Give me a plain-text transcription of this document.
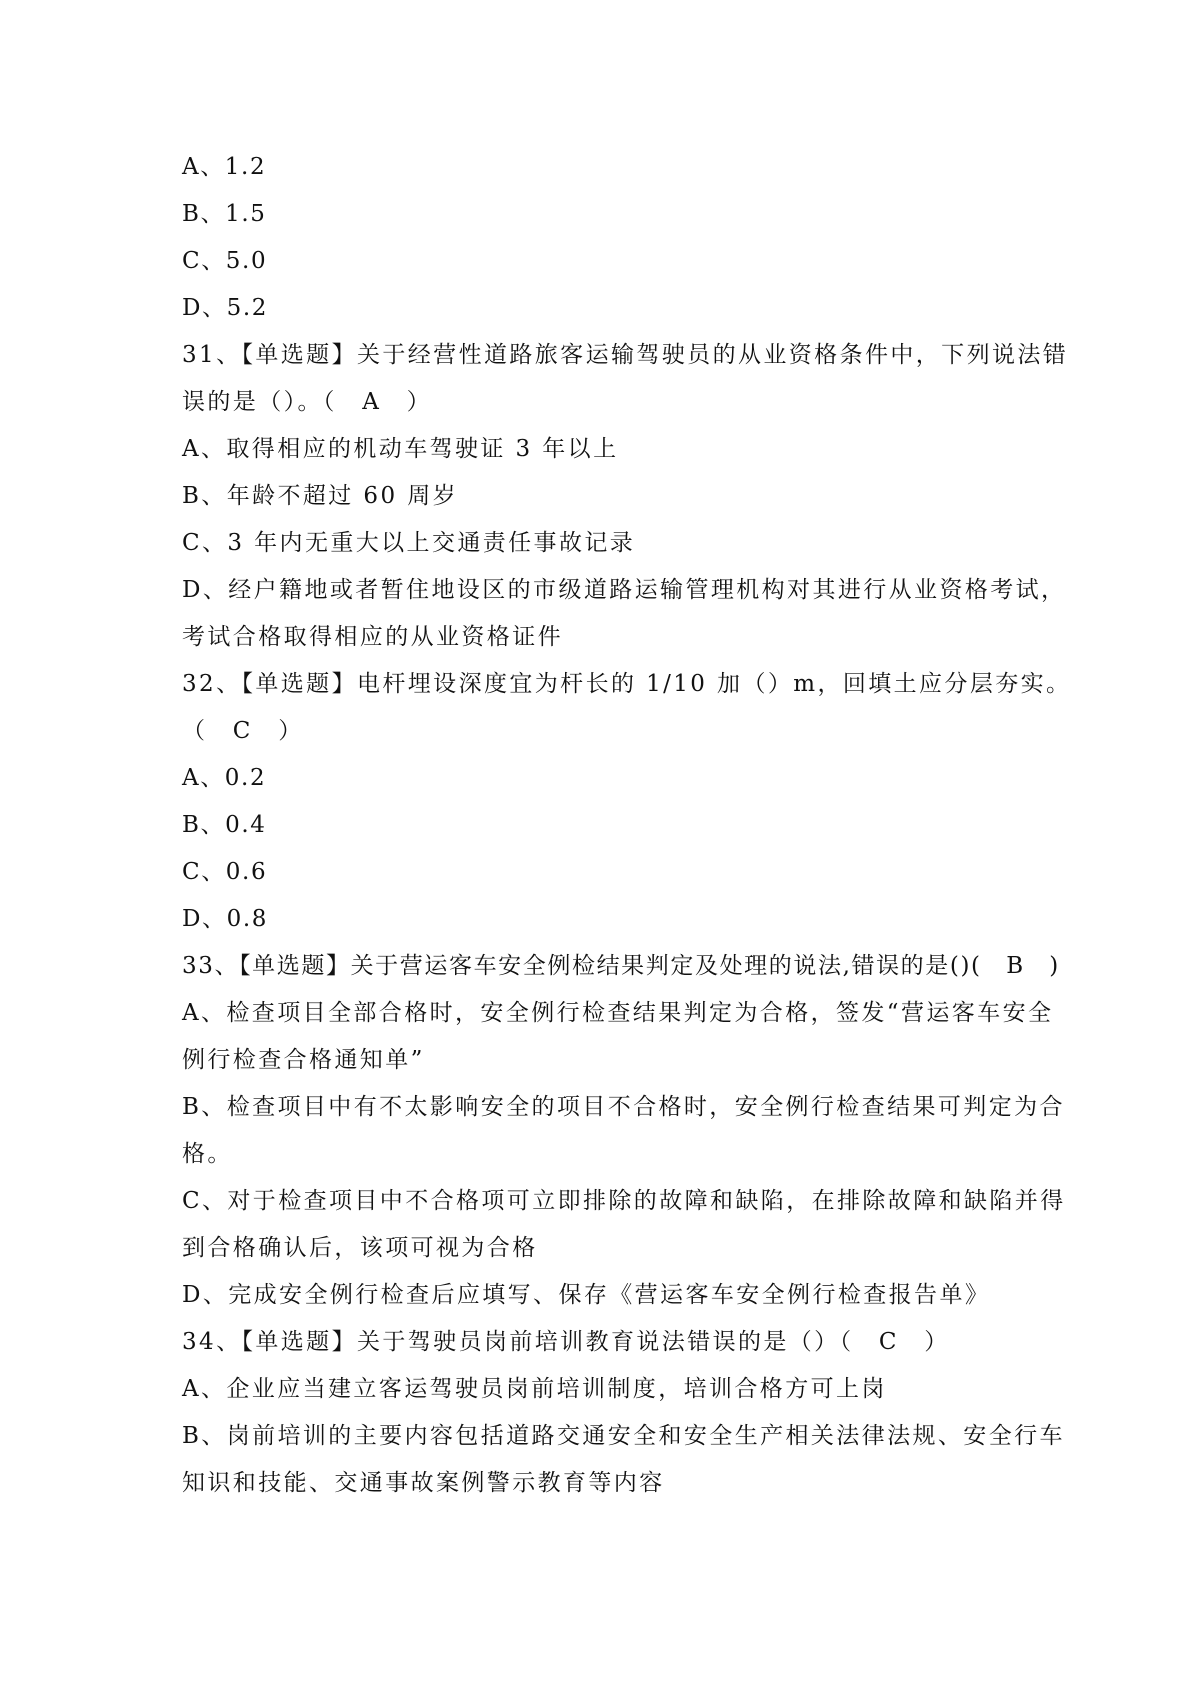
A、1.2
B、1.5
C、5.0
D、5.2
31、【单选题】关于经营性道路旅客运输驾驶员的从业资格条件中，下列说法错
误的是（）。（　A　）
A、取得相应的机动车驾驶证 3 年以上
B、年龄不超过 60 周岁
C、3 年内无重大以上交通责任事故记录
D、经户籍地或者暂住地设区的市级道路运输管理机构对其进行从业资格考试，
考试合格取得相应的从业资格证件
32、【单选题】电杆埋设深度宜为杆长的 1/10 加（）m，回填土应分层夯实。
（　C　）
A、0.2
B、0.4
C、0.6
D、0.8
33、【单选题】关于营运客车安全例检结果判定及处理的说法,错误的是()(　B　)
A、检查项目全部合格时，安全例行检查结果判定为合格，签发“营运客车安全
例行检查合格通知单”
B、检查项目中有不太影响安全的项目不合格时，安全例行检查结果可判定为合
格。
C、对于检查项目中不合格项可立即排除的故障和缺陷，在排除故障和缺陷并得
到合格确认后，该项可视为合格
D、完成安全例行检查后应填写、保存《营运客车安全例行检查报告单》
34、【单选题】关于驾驶员岗前培训教育说法错误的是（）（　C　）
A、企业应当建立客运驾驶员岗前培训制度，培训合格方可上岗
B、岗前培训的主要内容包括道路交通安全和安全生产相关法律法规、安全行车
知识和技能、交通事故案例警示教育等内容
